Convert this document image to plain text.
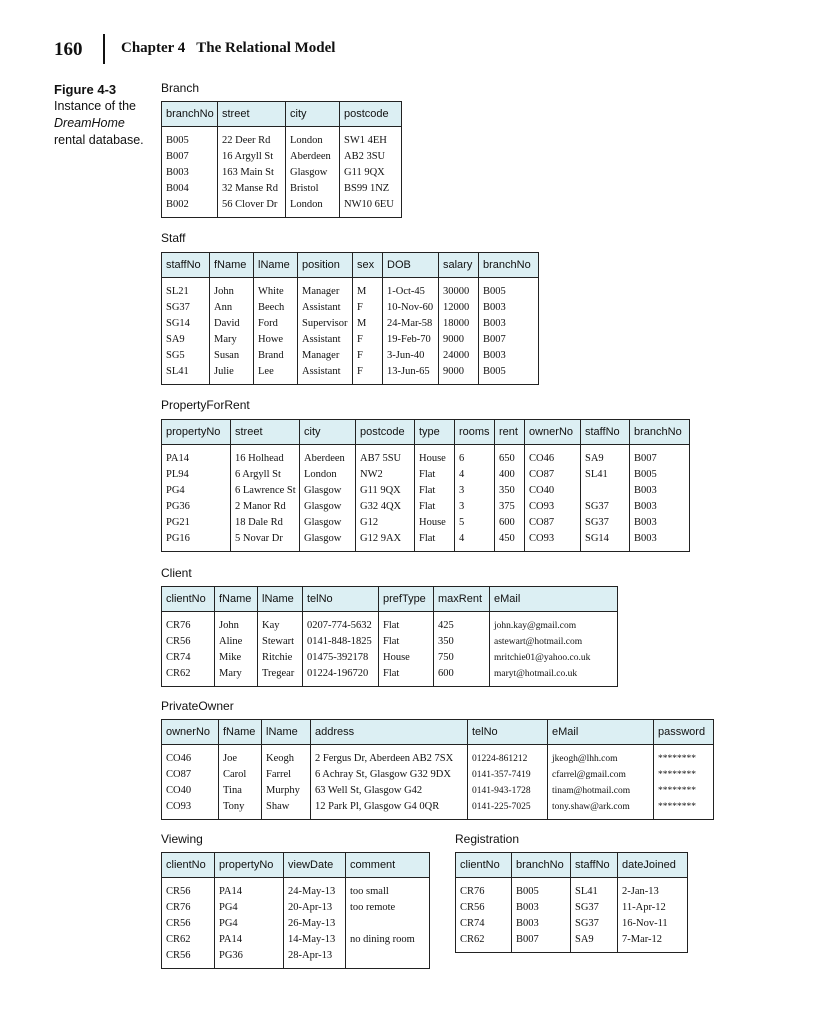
160	Chapter 4   The Relational Model
Figure 4-3
Instance of the
DreamHome
rental database.
Branch
branchNo	street	city	postcode

B005	22 Deer Rd	London	SW1 4EH
B007	16 Argyll St	Aberdeen	AB2 3SU
B003	163 Main St	Glasgow	G11 9QX
B004	32 Manse Rd	Bristol	BS99 1NZ
B002	56 Clover Dr	London	NW10 6EU
Staff
staffNo	fName	lName	position	sex	DOB	salary	branchNo

SL21	John	White	Manager	M	1-Oct-45	30000	B005
SG37	Ann	Beech	Assistant	F	10-Nov-60	12000	B003
SG14	David	Ford	Supervisor	M	24-Mar-58	18000	B003
SA9	Mary	Howe	Assistant	F	19-Feb-70	9000	B007
SG5	Susan	Brand	Manager	F	3-Jun-40	24000	B003
SL41	Julie	Lee	Assistant	F	13-Jun-65	9000	B005
PropertyForRent
propertyNo	street	city	postcode	type	rooms	rent	ownerNo	staffNo	branchNo

PA14	16 Holhead	Aberdeen	AB7 5SU	House	6	650	CO46	SA9	B007
PL94	6 Argyll St	London	NW2	Flat	4	400	CO87	SL41	B005
PG4	6 Lawrence St	Glasgow	G11 9QX	Flat	3	350	CO40		B003
PG36	2 Manor Rd	Glasgow	G32 4QX	Flat	3	375	CO93	SG37	B003
PG21	18 Dale Rd	Glasgow	G12	House	5	600	CO87	SG37	B003
PG16	5 Novar Dr	Glasgow	G12 9AX	Flat	4	450	CO93	SG14	B003
Client
clientNo	fName	lName	telNo	prefType	maxRent	eMail

CR76	John	Kay	0207-774-5632	Flat	425	john.kay@gmail.com
CR56	Aline	Stewart	0141-848-1825	Flat	350	astewart@hotmail.com
CR74	Mike	Ritchie	01475-392178	House	750	mritchie01@yahoo.co.uk
CR62	Mary	Tregear	01224-196720	Flat	600	maryt@hotmail.co.uk
PrivateOwner
ownerNo	fName	lName	address	telNo	eMail	password

CO46	Joe	Keogh	2 Fergus Dr, Aberdeen AB2 7SX	01224-861212	jkeogh@lhh.com	********
CO87	Carol	Farrel	6 Achray St, Glasgow G32 9DX	0141-357-7419	cfarrel@gmail.com	********
CO40	Tina	Murphy	63 Well St, Glasgow G42	0141-943-1728	tinam@hotmail.com	********
CO93	Tony	Shaw	12 Park Pl, Glasgow G4 0QR	0141-225-7025	tony.shaw@ark.com	********
Viewing
clientNo	propertyNo	viewDate	comment

CR56	PA14	24-May-13	too small
CR76	PG4	20-Apr-13	too remote
CR56	PG4	26-May-13	
CR62	PA14	14-May-13	no dining room
CR56	PG36	28-Apr-13	
Registration
clientNo	branchNo	staffNo	dateJoined

CR76	B005	SL41	2-Jan-13
CR56	B003	SG37	11-Apr-12
CR74	B003	SG37	16-Nov-11
CR62	B007	SA9	7-Mar-12
